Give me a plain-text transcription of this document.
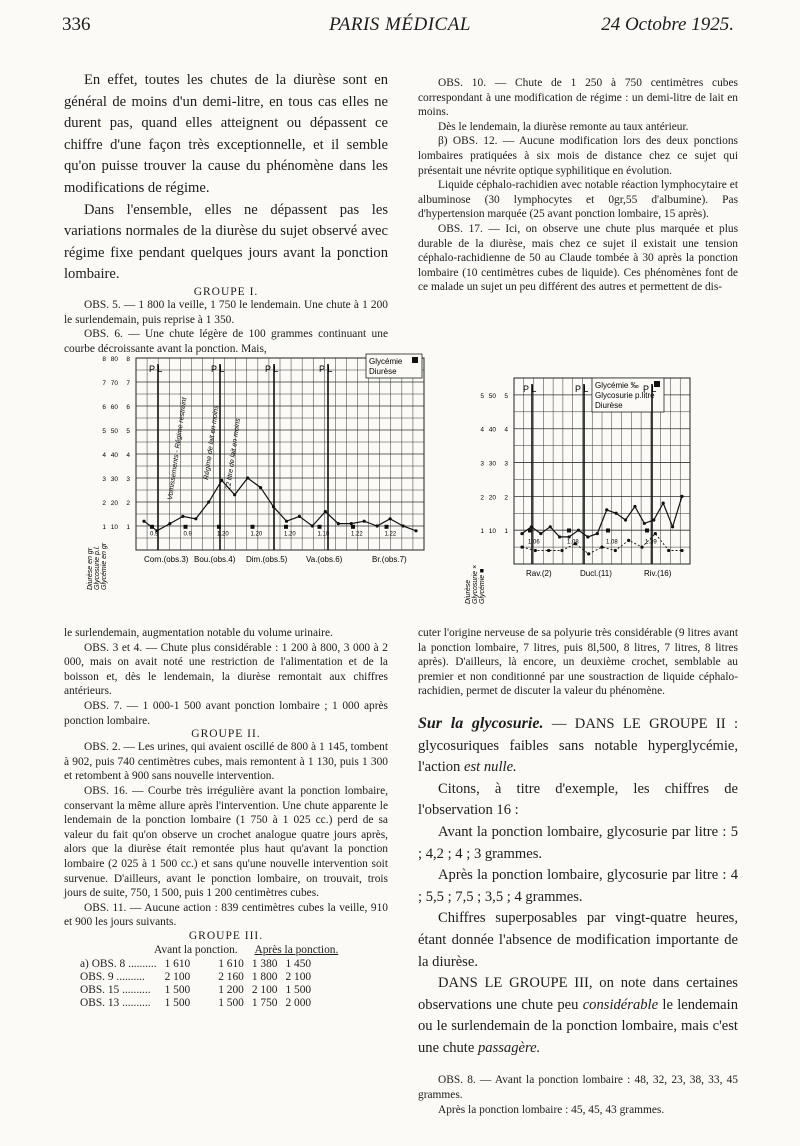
336	PARIS MÉDICAL	24 Octobre 1925.

En effet, toutes les chutes de la diurèse sont en général de moins d'un demi-litre, en tous cas elles ne durent pas, quand elles atteignent ou dépassent ce chiffre d'une façon très exceptionnelle, et il semble qu'on puisse trouver la cause du phénomène dans les modifications de régime.

Dans l'ensemble, elles ne dépassent pas les variations normales de la diurèse du sujet observé avec régime fixe pendant quelques jours avant la ponction lombaire.

GROUPE I.

OBS. 5. — 1 800 la veille, 1 750 le lendemain. Une chute à 1 200 le surlendemain, puis reprise à 1 350.

OBS. 6. — Une chute légère de 100 grammes continuant une courbe décroissante avant la ponction. Mais,

OBS. 10. — Chute de 1 250 à 750 centimètres cubes correspondant à une modification de régime : un demi-litre de lait en moins.

Dès le lendemain, la diurèse remonte au taux antérieur.

β) OBS. 12. — Aucune modification lors des deux ponctions lombaires pratiquées à six mois de distance chez ce sujet qui présentait une névrite optique syphilitique en évolution.

Liquide céphalo-rachidien avec notable réaction lymphocytaire et albuminose (30 lymphocytes et 0gr,55 d'albumine). Pas d'hypertension marquée (25 avant ponction lombaire, 15 après).

OBS. 17. — Ici, on observe une chute plus marquée et plus durable de la diurèse, mais chez ce sujet il existait une tension céphalo-rachidienne de 50 au Claude tombée à 30 après la ponction lombaire (10 centimètres cubes de liquide). Ces phénomènes font de ce malade un sujet un peu différent des autres et permettent de dis-

1
10
1
2
20
2
3
30
3
4
40
4
5
50
5
6
60
6
7
70
7
8
80
8
Diurèse en gr Glycosurie p.l. Glycémie en gr
Glycémie
Diurèse
P L	P L	P L	P L
Corn.(obs.3) Bou.(obs.4) Dim.(obs.5) Va.(obs.6)	Br.(obs.7)
0.9	0.9	1.20	1.20	1.20	1.10	1.22	1.22
Vomissements - Régime restreint Régime de lait en moins 22 litre de lait en moins
1
10
1
2
20
2
3
30
3
4
40
4
5
50
5
Diurèse Glycosurie × Glycémie ■
Glycémie ‰
Glycosurie p.litre
Diurèse
P L	P L	P L
Rav.(2)	Ducl.(11)	Riv.(16)
1.06	1.08	1.08	1.39

le surlendemain, augmentation notable du volume urinaire.

OBS. 3 et 4. — Chute plus considérable : 1 200 à 800, 3 000 à 2 000, mais on avait noté une restriction de l'alimentation et de la boisson et, dès le lendemain, la diurèse remontait aux chiffres antérieurs.

OBS. 7. — 1 000-1 500 avant ponction lombaire ; 1 000 après ponction lombaire.

GROUPE II.

OBS. 2. — Les urines, qui avaient oscillé de 800 à 1 145, tombent à 902, puis 740 centimètres cubes, mais remontent à 1 130, puis 1 300 et retombent à 900 sans nouvelle intervention.

OBS. 16. — Courbe très irrégulière avant la ponction lombaire, conservant la même allure après l'intervention. Une chute apparente le lendemain de la ponction lombaire (1 750 à 1 025 cc.) perd de sa valeur du fait qu'on observe un crochet analogue quatre jours après, alors que la diurèse était remontée plus haut qu'avant la ponction lombaire (2 025 à 1 500 cc.) et sans qu'une nouvelle intervention soit survenue. D'ailleurs, avant le ponction lombaire, on trouvait, trois jours de suite, 750, 1 500, puis 1 200 centimètres cubes.

OBS. 11. — Aucune action : 839 centimètres cubes la veille, 910 et 900 les jours suivants.

GROUPE III.

Avant la ponction. Après la ponction.
a) OBS. 8 ..........	1 610	1 610	1 380	1 450
OBS. 9 ..........	2 100	2 160	1 800	2 100
OBS. 15 ..........	1 500	1 200	2 100	1 500
OBS. 13 ..........	1 500	1 500	1 750	2 000

cuter l'origine nerveuse de sa polyurie très considérable (9 litres avant la ponction lombaire, 7 litres, puis 8l,500, 8 litres, 7 litres, 8 litres après). D'ailleurs, là encore, un deuxième crochet, semblable au premier et non conditionné par une soustraction de liquide céphalo-rachidien, permet de discuter la valeur du phénomène.

Sur la glycosurie. — DANS LE GROUPE II : glycosuriques faibles sans notable hyperglycémie, l'action est nulle.

Citons, à titre d'exemple, les chiffres de l'observation 16 :

Avant la ponction lombaire, glycosurie par litre : 5 ; 4,2 ; 4 ; 3 grammes.

Après la ponction lombaire, glycosurie par litre : 4 ; 5,5 ; 7,5 ; 3,5 ; 4 grammes.

Chiffres superposables par vingt-quatre heures, étant donnée l'absence de modification importante de la diurèse.

DANS LE GROUPE III, on note dans certaines observations une chute peu considérable le lendemain ou le surlendemain de la ponction lombaire, mais c'est une chute passagère.

OBS. 8. — Avant la ponction lombaire : 48, 32, 23, 38, 33, 45 grammes.

Après la ponction lombaire : 45, 45, 43 grammes.
